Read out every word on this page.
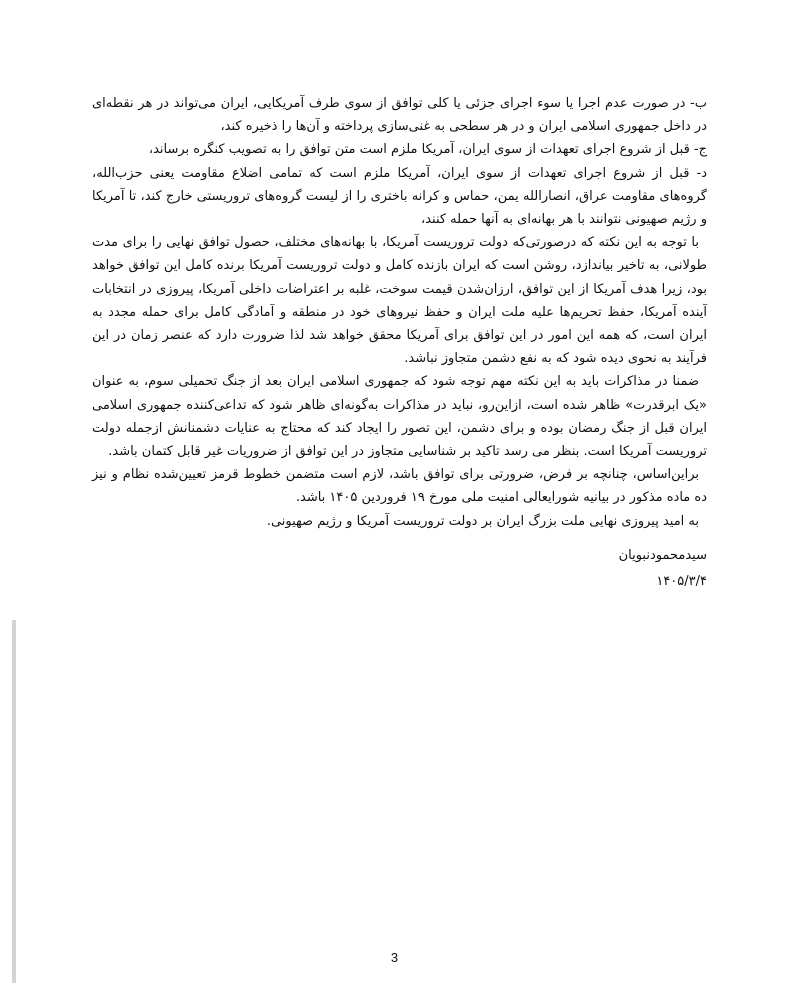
ب- در صورت عدم اجرا یا سوء اجرای جزئی یا کلی توافق از سوی طرف آمریکایی، ایران می‌تواند در هر نقطه‌ای در داخل جمهوری اسلامی ایران و در هر سطحی به غنی‌سازی پرداخته و آن‌ها را ذخیره کند،

ج- قبل از شروع اجرای تعهدات از سوی ایران، آمریکا ملزم است متن توافق را به تصویب کنگره برساند،

د- قبل از شروع اجرای تعهدات از سوی ایران، آمریکا ملزم است که تمامی اضلاع مقاومت یعنی حزب‌الله، گروه‌های مقاومت عراق، انصارالله یمن، حماس و کرانه باختری را از لیست گروه‌های تروریستی خارج کند، تا آمریکا و رژیم صهیونی نتوانند با هر بهانه‌ای به آنها حمله کنند،

با توجه به این نکته که درصورتی‌که دولت تروریست آمریکا، با بهانه‌های مختلف، حصول توافق نهایی را برای مدت طولانی، به تاخیر بیاندازد، روشن است که ایران بازنده کامل و دولت تروریست آمریکا برنده کامل این توافق خواهد بود، زیرا هدف آمریکا از این توافق، ارزان‌شدن قیمت سوخت، غلبه بر اعتراضات داخلی آمریکا، پیروزی در انتخابات آینده آمریکا، حفظ تحریم‌ها علیه ملت ایران و حفظ نیروهای خود در منطقه و آمادگی کامل برای حمله مجدد به ایران است، که همه این امور در این توافق برای آمریکا محقق خواهد شد لذا ضرورت دارد که عنصر زمان در این فرآیند به نحوی دیده شود که به نفع دشمن متجاوز نباشد.

ضمنا در مذاکرات باید به این نکته مهم توجه شود که جمهوری اسلامی ایران بعد از جنگ تحمیلی سوم، به عنوان «یک ابرقدرت» ظاهر شده است، ازاین‌رو، نباید در مذاکرات به‌گونه‌ای ظاهر شود که تداعی‌کننده جمهوری اسلامی ایران قبل از جنگ رمضان بوده و برای دشمن، این تصور را ایجاد کند که محتاج به عنایات دشمنانش ازجمله دولت تروریست آمریکا است. بنظر می رسد تاکید بر شناسایی متجاوز در این توافق از ضروریات غیر قابل کتمان باشد.

براین‌اساس، چنانچه بر فرض، ضرورتی برای توافق باشد، لازم است متضمن خطوط قرمز تعیین‌شده نظام و نیز ده ماده مذکور در بیانیه شورایعالی امنیت ملی مورخ ۱۹ فروردین ۱۴۰۵ باشد.

به امید پیروزی نهایی ملت بزرگ ایران بر دولت تروریست آمریکا و رژیم صهیونی.

سیدمحمودنبویان
۱۴۰۵/۳/۴
3
